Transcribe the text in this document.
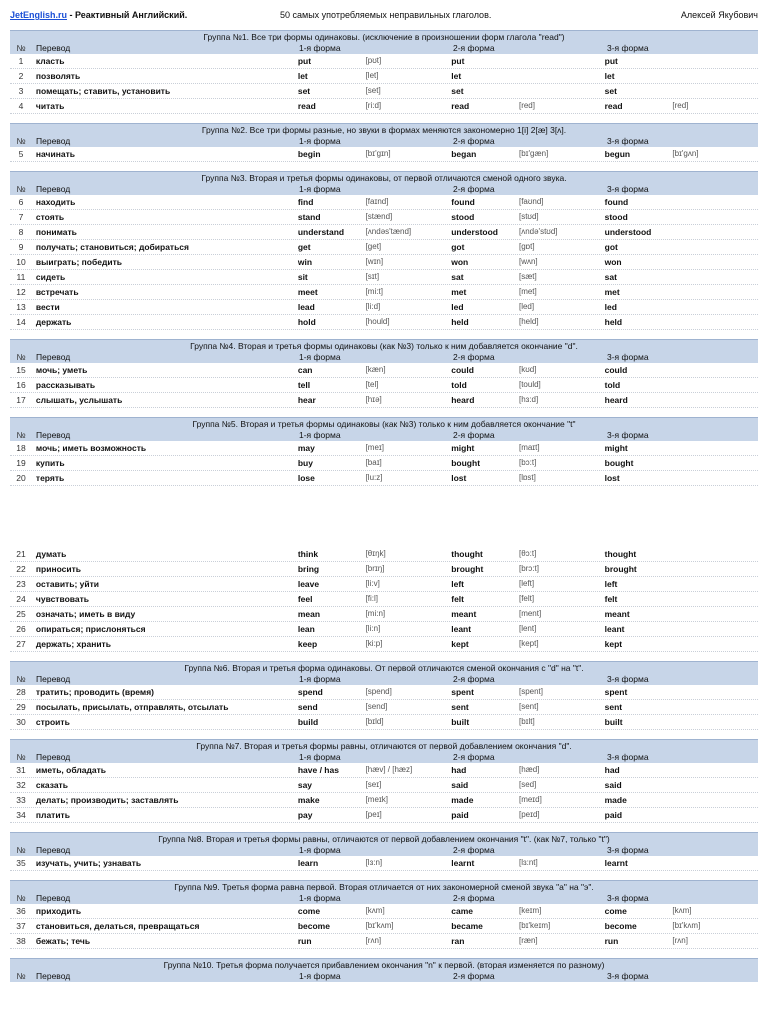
JetEnglish.ru - Реактивный Английский.	50 самых употребляемых неправильных глаголов.	Алексей Якубович
Группа №1. Все три формы одинаковы. (исключение в произношении форм глагола "read")
№	Перевод	1-я форма	2-я форма	3-я форма
1	класть	put	[pʊt]	put	put
2	позволять	let	[let]	let	let
3	помещать; ставить, установить	set	[set]	set	set
4	читать	read	[ri:d]	read	[red]	read	[red]
Группа №2. Все три формы разные, но звуки в формах меняются закономерно 1[i] 2[æ] 3[ʌ].
№	Перевод	1-я форма	2-я форма	3-я форма
5	начинать	begin	[bɪ'gɪn]	began	[bɪ'gæn]	begun	[bɪ'gʌn]
Группа №3. Вторая и третья формы одинаковы, от первой отличаются сменой одного звука.
№	Перевод	1-я форма	2-я форма	3-я форма
6	находить	find	[faɪnd]	found	[faʊnd]	found
7	стоять	stand	[stænd]	stood	[stʊd]	stood
8	понимать	understand	[ʌndəs'tænd]	understood	[ʌndə'stʊd]	understood
9	получать; становиться; добираться	get	[get]	got	[gɒt]	got
10	выиграть; победить	win	[wɪn]	won	[wʌn]	won
11	сидеть	sit	[sɪt]	sat	[sæt]	sat
12	встречать	meet	[mi:t]	met	[met]	met
13	вести	lead	[li:d]	led	[led]	led
14	держать	hold	[hould]	held	[held]	held
Группа №4. Вторая и третья формы одинаковы (как №3) только к ним добавляется окончание "d".
№	Перевод	1-я форма	2-я форма	3-я форма
15	мочь; уметь	can	[kæn]	could	[kʊd]	could
16	рассказывать	tell	[tel]	told	[tould]	told
17	слышать, услышать	hear	[hɪə]	heard	[hɜ:d]	heard
Группа №5. Вторая и третья формы одинаковы (как №3) только к ним добавляется окончание "t"
№	Перевод	1-я форма	2-я форма	3-я форма
18	мочь; иметь возможность	may	[meɪ]	might	[maɪt]	might
19	купить	buy	[baɪ]	bought	[bɔ:t]	bought
20	терять	lose	[lu:z]	lost	[lɒst]	lost
21	думать	think	[θɪŋk]	thought	[θɔ:t]	thought
22	приносить	bring	[brɪŋ]	brought	[brɔ:t]	brought
23	оставить; уйти	leave	[li:v]	left	[left]	left
24	чувствовать	feel	[fi:l]	felt	[felt]	felt
25	означать; иметь в виду	mean	[mi:n]	meant	[ment]	meant
26	опираться; прислоняться	lean	[li:n]	leant	[lent]	leant
27	держать; хранить	keep	[ki:p]	kept	[kept]	kept
Группа №6. Вторая и третья форма одинаковы. От первой отличаются сменой окончания с "d" на "t".
№	Перевод	1-я форма	2-я форма	3-я форма
28	тратить; проводить (время)	spend	[spend]	spent	[spent]	spent
29	посылать, присылать, отправлять, отсылать	send	[send]	sent	[sent]	sent
30	строить	build	[bɪld]	built	[bɪlt]	built
Группа №7. Вторая и третья формы равны, отличаются от первой добавлением окончания "d".
№	Перевод	1-я форма	2-я форма	3-я форма
31	иметь, обладать	have / has	[hæv] / [hæz]	had	[hæd]	had
32	сказать	say	[seɪ]	said	[sed]	said
33	делать; производить; заставлять	make	[meɪk]	made	[meɪd]	made
34	платить	pay	[peɪ]	paid	[peɪd]	paid
Группа №8. Вторая и третья формы равны, отличаются от первой добавлением окончания "t". (как №7, только "t")
№	Перевод	1-я форма	2-я форма	3-я форма
35	изучать, учить; узнавать	learn	[lɜ:n]	learnt	[lɜ:nt]	learnt
Группа №9. Третья форма равна первой. Вторая отличается от них закономерной сменой звука "а" на "э".
№	Перевод	1-я форма	2-я форма	3-я форма
36	приходить	come	[kʌm]	came	[keɪm]	come	[kʌm]
37	становиться, делаться, превращаться	become	[bɪ'kʌm]	became	[bɪ'keɪm]	become	[bɪ'kʌm]
38	бежать; течь	run	[rʌn]	ran	[ræn]	run	[rʌn]
Группа №10. Третья форма получается прибавлением окончания "n" к первой. (вторая изменяется по разному)
№	Перевод	1-я форма	2-я форма	3-я форма
